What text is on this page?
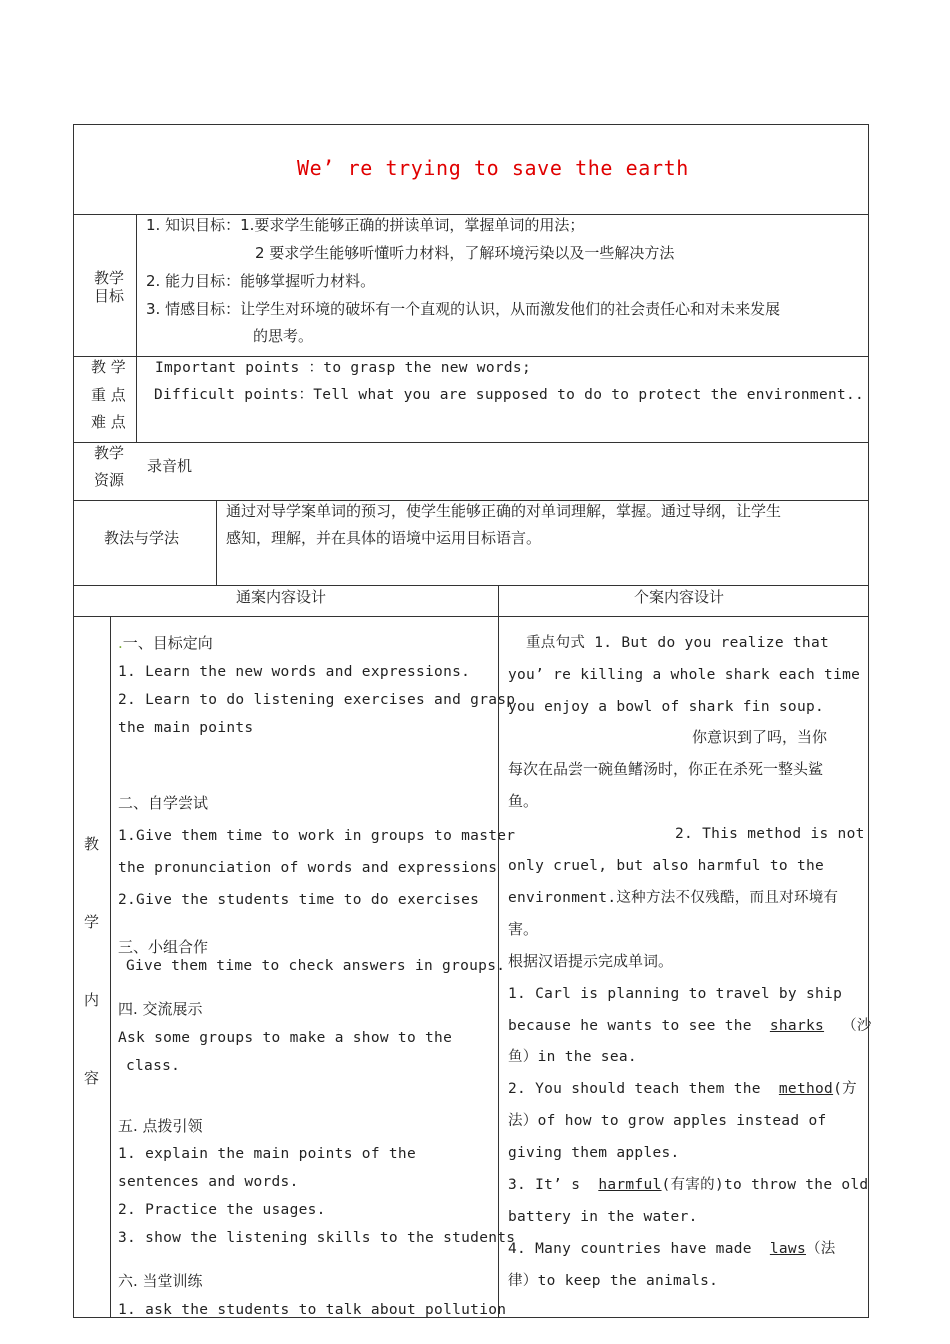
We’ re trying to save the earth
教学
目标
1. 知识目标：1.要求学生能够正确的拼读单词，掌握单词的用法；
2 要求学生能够听懂听力材料，了解环境污染以及一些解决方法
2. 能力目标：能够掌握听力材料。
3. 情感目标：让学生对环境的破坏有一个直观的认识，从而激发他们的社会责任心和对未来发展
的思考。
教 学
重 点
难 点
Important points ：to grasp the new words;
Difficult points：Tell what you are supposed to do to protect the environment..
教学
资源
录音机
教法与学法
通过对导学案单词的预习，使学生能够正确的对单词理解，掌握。通过导纲，让学生
感知，理解，并在具体的语境中运用目标语言。
通案内容设计	个案内容设计
教
学
内
容
.一、目标定向
1. Learn the new words and expressions.
2. Learn to do listening exercises and grasp
the main points
二、自学尝试
1.Give them time to work in groups to master
the pronunciation of words and expressions
2.Give the students time to do exercises
三、小组合作
Give them time to check answers in groups.
四. 交流展示
Ask some groups to make a show to the
class.
五. 点拨引领
1. explain the main points of the
sentences and words.
2. Practice the usages.
3. show the listening skills to the students
六. 当堂训练
1. ask the students to talk about pollution
重点句式 1. But do you realize that
you’ re killing a whole shark each time
you enjoy a bowl of shark fin soup.
你意识到了吗，当你
每次在品尝一碗鱼鳍汤时，你正在杀死一整头鲨
鱼。
2. This method is not
only cruel, but also harmful to the
environment.这种方法不仅残酷，而且对环境有
害。
根据汉语提示完成单词。
1. Carl is planning to travel by ship
because he wants to see the sharks （沙
鱼）in the sea.
2. You should teach them the method(方
法）of how to grow apples instead of
giving them apples.
3. It’ s harmful(有害的)to throw the old
battery in the water.
4. Many countries have made laws（法
律）to keep the animals.
